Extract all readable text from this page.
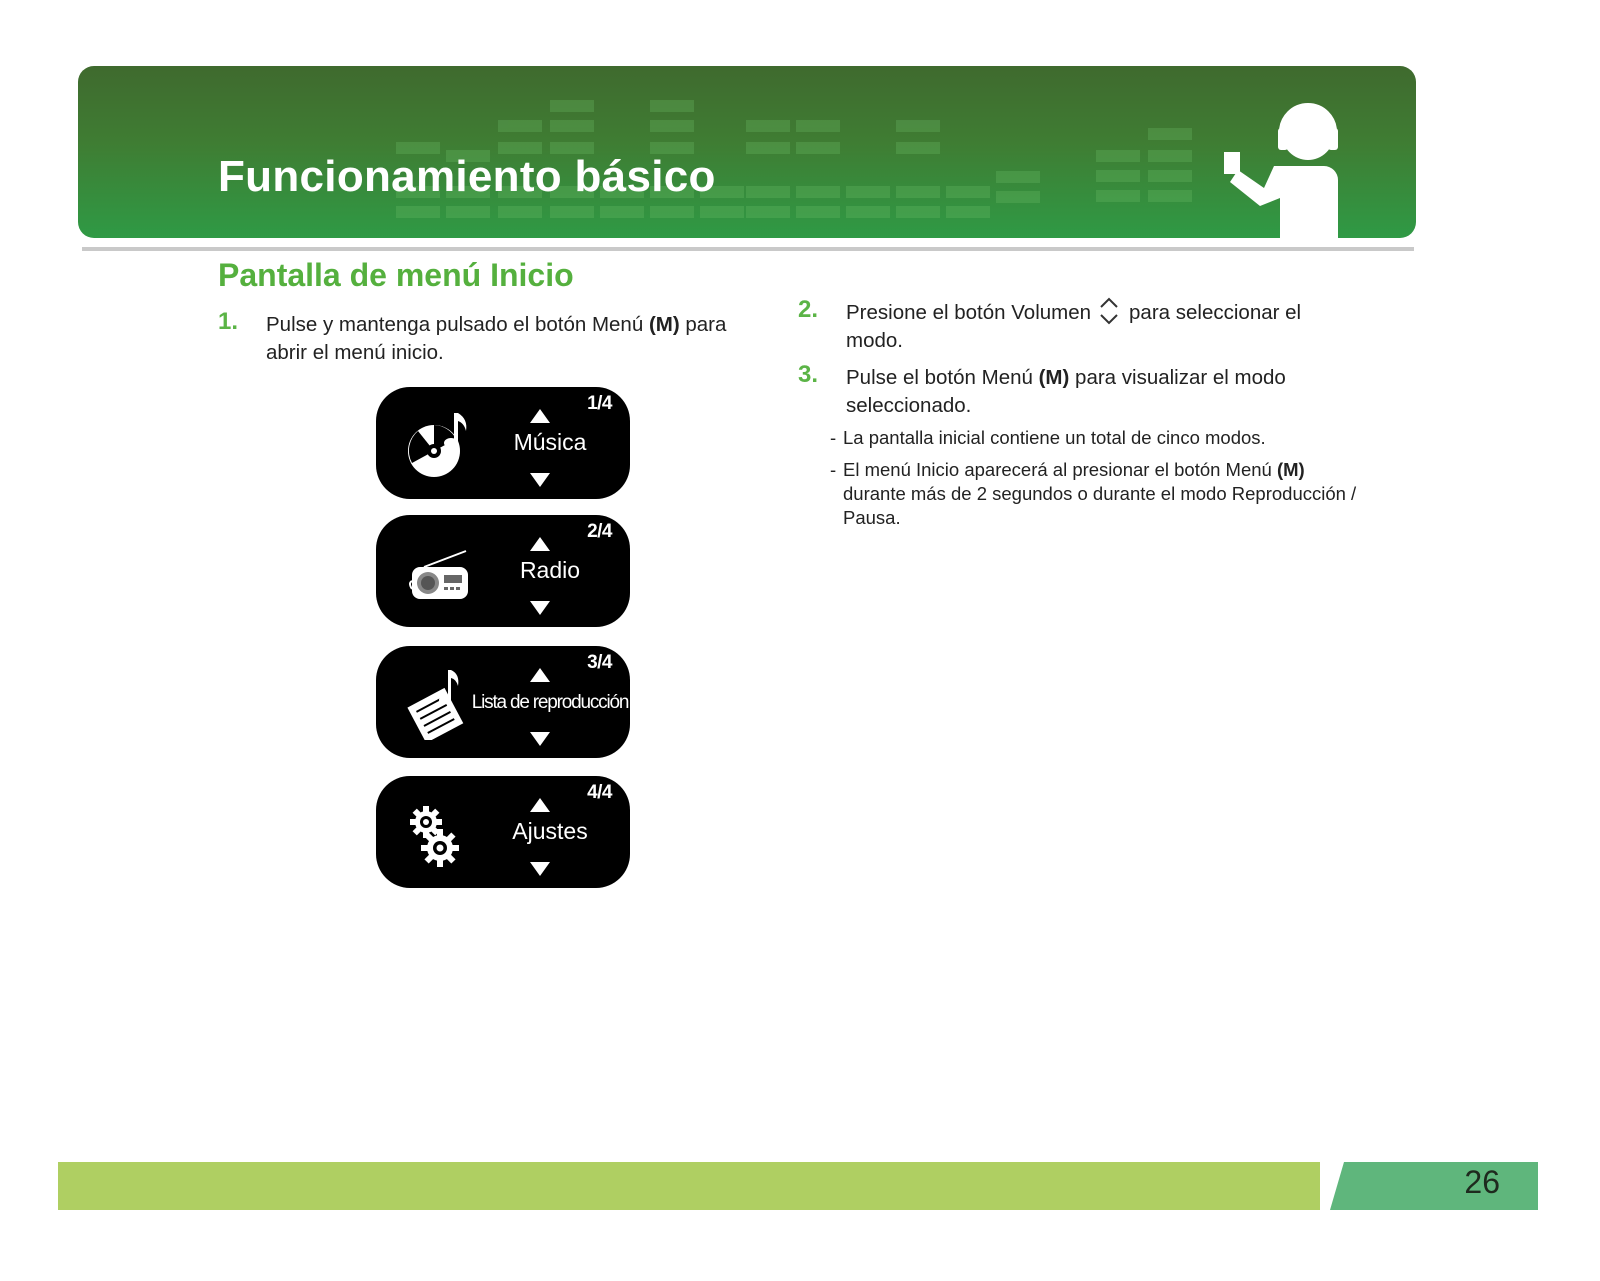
Funcionamiento básico
Pantalla de menú Inicio
1. Pulse y mantenga pulsado el botón Menú (M) para abrir el menú inicio.
2. Presione el botón Volumen para seleccionar el modo.
3. Pulse el botón Menú (M) para visualizar el modo seleccionado.
- La pantalla inicial contiene un total de cinco modos.
- El menú Inicio aparecerá al presionar el botón Menú (M) durante más de 2 segundos o durante el modo Reproducción / Pausa.
1/4
Música
2/4
Radio
3/4
Lista de reproducción
4/4
Ajustes
26
